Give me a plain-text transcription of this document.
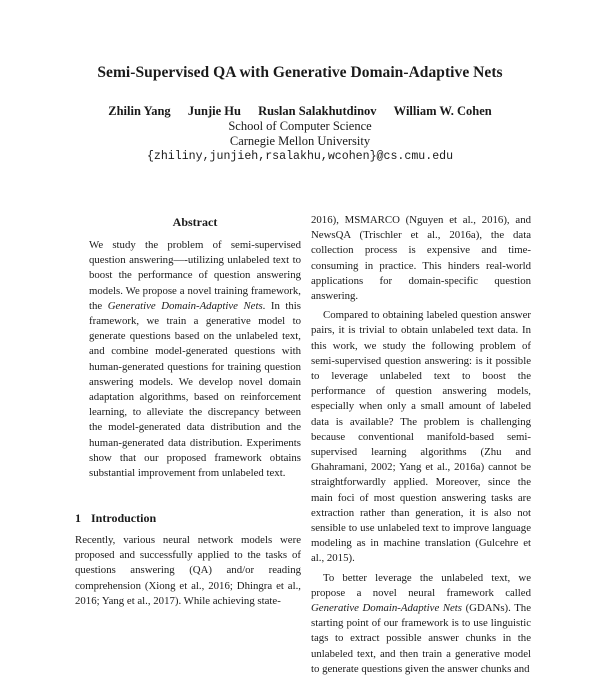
Semi-Supervised QA with Generative Domain-Adaptive Nets
Zhilin Yang Junjie Hu Ruslan Salakhutdinov William W. Cohen
School of Computer Science
Carnegie Mellon University
{zhiliny,junjieh,rsalakhu,wcohen}@cs.cmu.edu
Abstract
We study the problem of semi-supervised question answering—-utilizing unlabeled text to boost the performance of question answering models. We propose a novel training framework, the Generative Domain-Adaptive Nets. In this framework, we train a generative model to generate questions based on the unlabeled text, and combine model-generated questions with human-generated questions for training question answering models. We develop novel domain adaptation algorithms, based on reinforcement learning, to alleviate the discrepancy between the model-generated data distribution and the human-generated data distribution. Experiments show that our proposed framework obtains substantial improvement from unlabeled text.
1 Introduction
Recently, various neural network models were proposed and successfully applied to the tasks of questions answering (QA) and/or reading comprehension (Xiong et al., 2016; Dhingra et al., 2016; Yang et al., 2017). While achieving state-

2016), MSMARCO (Nguyen et al., 2016), and NewsQA (Trischler et al., 2016a), the data collection process is expensive and time-consuming in practice. This hinders real-world applications for domain-specific question answering.

Compared to obtaining labeled question answer pairs, it is trivial to obtain unlabeled text data. In this work, we study the following problem of semi-supervised question answering: is it possible to leverage unlabeled text to boost the performance of question answering models, especially when only a small amount of labeled data is available? The problem is challenging because conventional manifold-based semi-supervised learning algorithms (Zhu and Ghahramani, 2002; Yang et al., 2016a) cannot be straightforwardly applied. Moreover, since the main foci of most question answering tasks are extraction rather than generation, it is also not sensible to use unlabeled text to improve language modeling as in machine translation (Gulcehre et al., 2015).

To better leverage the unlabeled text, we propose a novel neural framework called Generative Domain-Adaptive Nets (GDANs). The starting point of our framework is to use linguistic tags to extract possible answer chunks in the unlabeled text, and then train a generative model to generate questions given the answer chunks and
